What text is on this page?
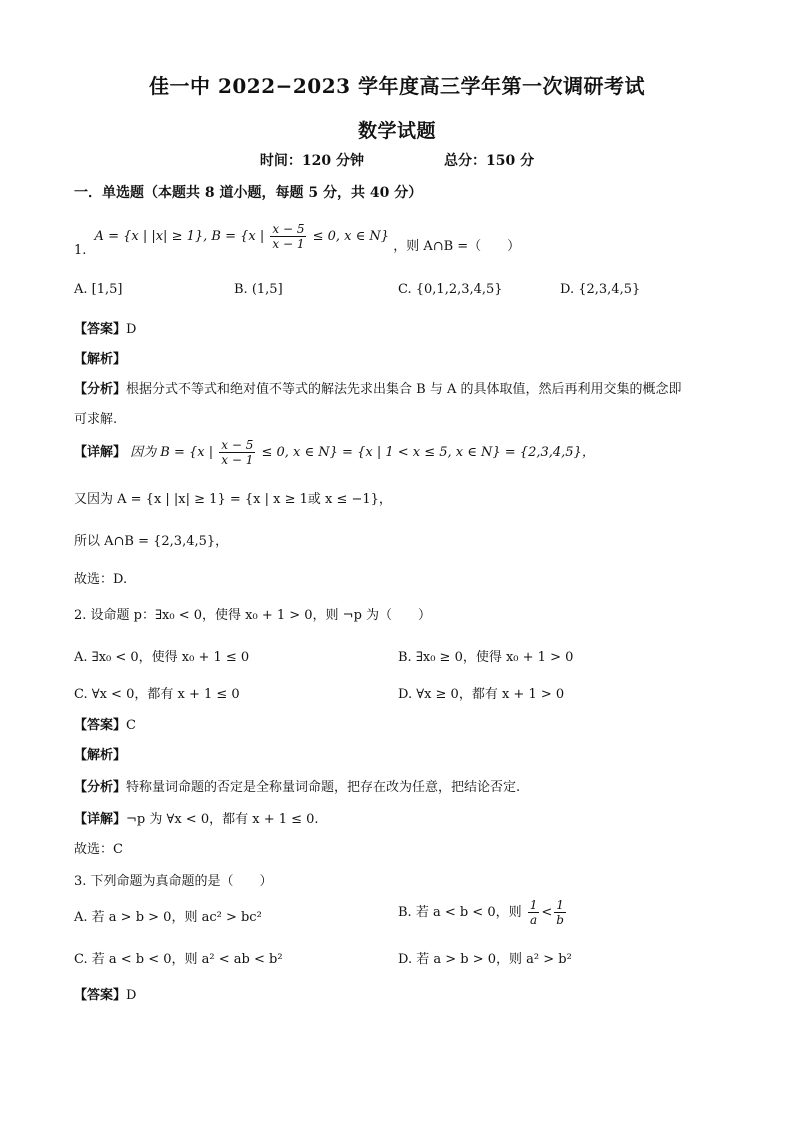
佳一中 2022−2023 学年度高三学年第一次调研考试
数学试题
时间：120 分钟	总分：150 分
一．单选题（本题共 8 道小题，每题 5 分，共 40 分）
1. A = {x | |x| ≥ 1}, B = {x | $\frac{x - 5}{x - 1} \le 0$, x ∈ N} ，则 A∩B =（　　）
A. [1,5]	B. (1,5]	C. {0,1,2,3,4,5}	D. {2,3,4,5}
【答案】D
【解析】
【分析】根据分式不等式和绝对值不等式的解法先求出集合 B 与 A 的具体取值，然后再利用交集的概念即
可求解.
【详解】 因为 B = {x | $\frac{x - 5}{x - 1} \le 0$, x ∈ N} = {x | 1 < x ≤ 5, x ∈ N} = {2,3,4,5}，
又因为 A = {x | |x| ≥ 1} = {x | x ≥ 1或 x ≤ −1}，
所以 A∩B = {2,3,4,5}，
故选：D.
2. 设命题 p：∃x₀ < 0，使得 x₀ + 1 > 0，则 ¬p 为（　　）
A. ∃x₀ < 0，使得 x₀ + 1 ≤ 0	B. ∃x₀ ≥ 0，使得 x₀ + 1 > 0
C. ∀x < 0，都有 x + 1 ≤ 0	D. ∀x ≥ 0，都有 x + 1 > 0
【答案】C
【解析】
【分析】特称量词命题的否定是全称量词命题，把存在改为任意，把结论否定.
【详解】¬p 为 ∀x < 0，都有 x + 1 ≤ 0.
故选：C
3. 下列命题为真命题的是（　　）
A. 若 a > b > 0，则 ac² > bc²	B. 若 a < b < 0，则 $\frac{1}{a} < \frac{1}{b}$
C. 若 a < b < 0，则 a² < ab < b²	D. 若 a > b > 0，则 a² > b²
【答案】D
